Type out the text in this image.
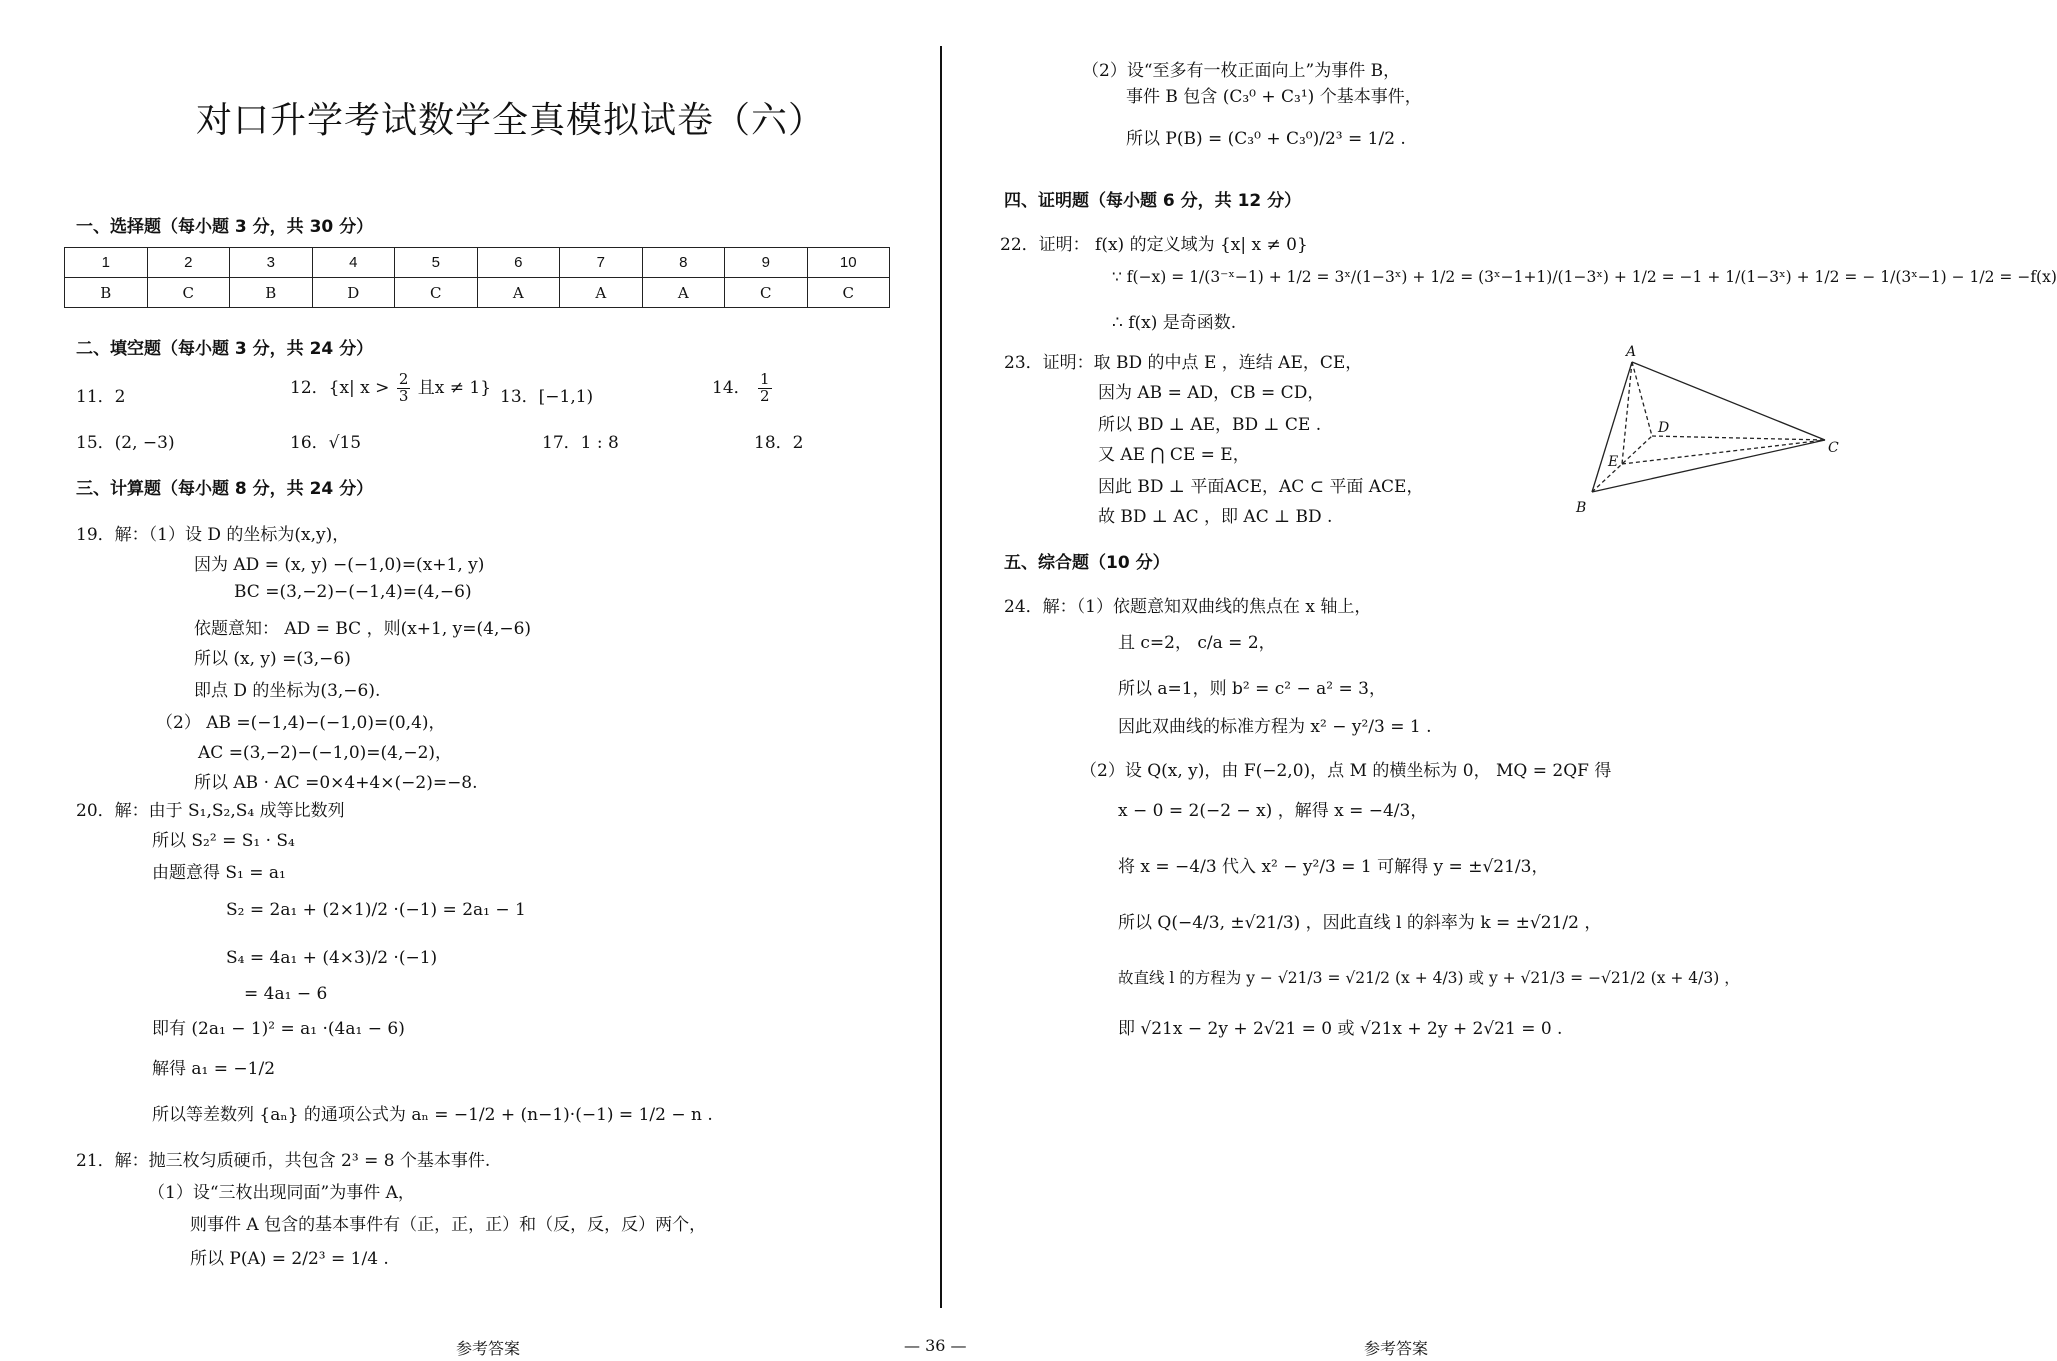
对口升学考试数学全真模拟试卷（六）
一、选择题（每小题 3 分，共 30 分）
1	2	3	4	5	6	7	8	9	10
B	C	B	D	C	A	A	A	C	C
二、填空题（每小题 3 分，共 24 分）
11．2	12．{x| $x > \frac{2}{3}$ 且x ≠ 1} 13．[−1,1)	14． $\frac{1}{2}$
15．(2, −3)	16．√15	17．1 : 8	18．2
三、计算题（每小题 8 分，共 24 分）
19．解：（1）设 D 的坐标为(x,y)，
因为 AD = (x, y) −(−1,0)=(x+1, y)
BC =(3,−2)−(−1,4)=(4,−6)
依题意知： AD = BC ，则(x+1, y=(4,−6)
所以 (x, y) =(3,−6)
即点 D 的坐标为(3,−6).
（2） AB =(−1,4)−(−1,0)=(0,4)，
AC =(3,−2)−(−1,0)=(4,−2)，
所以 AB · AC =0×4+4×(−2)=−8.
20．解：由于 S₁,S₂,S₄ 成等比数列
所以 S₂² = S₁ · S₄
由题意得 S₁ = a₁
S₂ = 2a₁ + (2×1)/2 ·(−1) = 2a₁ − 1
S₄ = 4a₁ + (4×3)/2 ·(−1)
= 4a₁ − 6
即有 (2a₁ − 1)² = a₁ ·(4a₁ − 6)
解得 a₁ = −1/2
所以等差数列 {aₙ} 的通项公式为 aₙ = −1/2 + (n−1)·(−1) = 1/2 − n .
21．解：抛三枚匀质硬币，共包含 2³ = 8 个基本事件.
（1）设“三枚出现同面”为事件 A，
则事件 A 包含的基本事件有（正，正，正）和（反，反，反）两个，
所以 P(A) = 2/2³ = 1/4 .
（2）设“至多有一枚正面向上”为事件 B，
事件 B 包含 (C₃⁰ + C₃¹) 个基本事件，
所以 P(B) = (C₃⁰ + C₃⁰)/2³ = 1/2 .
四、证明题（每小题 6 分，共 12 分）
22．证明： f(x) 的定义域为 {x| x ≠ 0}
∵ f(−x) = 1/(3⁻ˣ−1) + 1/2 = 3ˣ/(1−3ˣ) + 1/2 = (3ˣ−1+1)/(1−3ˣ) + 1/2 = −1 + 1/(1−3ˣ) + 1/2 = − 1/(3ˣ−1) − 1/2 = −f(x)
∴ f(x) 是奇函数.
23．证明：取 BD 的中点 E ，连结 AE，CE，
因为 AB = AD，CB = CD，
所以 BD ⊥ AE，BD ⊥ CE .
又 AE ⋂ CE = E，
因此 BD ⊥ 平面ACE，AC ⊂ 平面 ACE，
故 BD ⊥ AC ，即 AC ⊥ BD .
A
B
C
D
E
五、综合题（10 分）
24．解：（1）依题意知双曲线的焦点在 x 轴上，
且 c=2， c/a = 2，
所以 a=1，则 b² = c² − a² = 3，
因此双曲线的标准方程为 x² − y²/3 = 1 .
（2）设 Q(x, y)，由 F(−2,0)，点 M 的横坐标为 0， MQ = 2QF 得
x − 0 = 2(−2 − x) ，解得 x = −4/3，
将 x = −4/3 代入 x² − y²/3 = 1 可解得 y = ±√21/3，
所以 Q(−4/3, ±√21/3) ，因此直线 l 的斜率为 k = ±√21/2 ，
故直线 l 的方程为 y − √21/3 = √21/2 (x + 4/3) 或 y + √21/3 = −√21/2 (x + 4/3) ，
即 √21x − 2y + 2√21 = 0 或 √21x + 2y + 2√21 = 0 .
参考答案	— 36 —	参考答案
